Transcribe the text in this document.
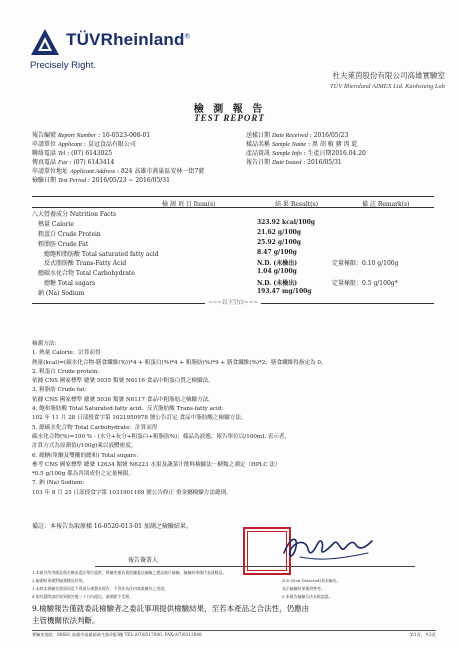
TÜVRheinland®
Precisely Right.
杜夫萊茵股份有限公司高雄實驗室
TÜV Rheinland AIMEX Ltd. Kaohsiung Lab
檢 測 報 告
TEST REPORT
報告編號 Report Number : 16-0523-008-01
申請單位 Applicant : 皇冠食品有限公司
聯絡電話 Tel : (07) 6143025
傳真電話 Fax : (07) 6143414
申請單位地址 Applicant Address : 824 高雄市燕巢區安林一街7號
檢驗日期 Test Period : 2016/05/23 ~ 2016/05/31
送樣日期 Date Received : 2016/05/23
樣品名稱 Sample Name : 黑 胡 椒 豬 肉 乾
產品資訊 Sample Info : 生產日期2016.04.20
報告日期 Date Issued : 2016/05/31
檢 測 項 目 Item(s)	結 果 Result(s)	備 註 Remark(s)
八大營養成分 Nutrition Facts
熱量 Calorie	323.92 kcal/100g
粗蛋白 Crude Protein	21.62 g/100g
粗脂肪 Crude Fat	25.92 g/100g
總飽和脂肪酸 Total saturated fatty acid	8.47 g/100g
反式脂肪酸 Trans-Fatty Acid	N.D. (未檢出)	定量極限：0.10 g/100g
總碳水化合物 Total Carbohydrate	1.04 g/100g
總糖 Total sugars	N.D. (未檢出)	定量極限：0.5 g/100g*
鈉 (Na) Sodium	193.47 mg/100g
~~~以下空白~~~
檢測方法：
1. 熱量 Calorie：計算而得
熱量(kcal)=(碳水化合物-膳食纖維(%))*4 + 粗蛋白(%)*4 + 粗脂肪(%)*9 + 膳食纖維(%)*2；膳食纖維得指定為 0。
2. 粗蛋白 Crude protein：
依據 CNS 國家標準 總號 5035 類號 N6116 食品中粗蛋白質之檢驗法。
3. 粗脂肪 Crude fat：
依據 CNS 國家標準 總號 5036 類號 N6117 食品中粗脂肪之檢驗方法。
4. 飽和脂肪酸 Total Saturated fatty acid、反式脂肪酸 Trans-fatty acid：
102 年 11 月 28 日部授食字第 1021950978 號公告訂定 食品中脂肪酸之檢驗方法。
5. 總碳水化合物 Total Carbohydrate：計算而得
碳水化合物(%)=100 % - (水分+灰分+粗蛋白+粗脂肪%)；樣品為液態，報告單位以/100mL 表示者，
計算方式為原測值(/100g)乘以液體密度。
6. 總糖(單醣及雙醣的總和) Total sugars：
參考 CNS 國家標準 總號 12634 類號 N6223 水果及蔬菜汁飲料檢驗法－糖類之測定（HPLC 法）
*0.5 g/100g 係為各別成份之定量極限。
7. 鈉 (Na) Sodium：
103 年 8 月 25 日部授食字第 1031901169 號公告修正 重金屬檢驗方法總則。
備註：本報告為取原樣 16-0520-013-01 加測之檢驗結果。
報告簽署人
1.本報告所用樣品與名稱由委託單位提供；實驗室僅負責依據委託檢驗之樣品進行檢驗，檢驗結果僅代表該樣品。
2.檢測結果僅對檢測樣品有效。	N.D.(Non Detected)表未檢出。
3.未經本實驗室書面同意不得部分複製本報告，不得作為任何商業廣告之用途。	表示檢驗結果僅供參考。
4.如有疑問請於收到報告後三十日內提出，逾期恕不受理。	5.本報告檢驗方法未經認證。
9.檢驗報告僅就委託檢驗者之委託事項提供檢驗結果，至若本產品之合法性，仍應由
主管機關依法判斷。
實驗室地址：80681 高雄市前鎮區新生路3號3樓 TEL:(07)8317000, FAX:(07)8313848	第1頁，共2頁
